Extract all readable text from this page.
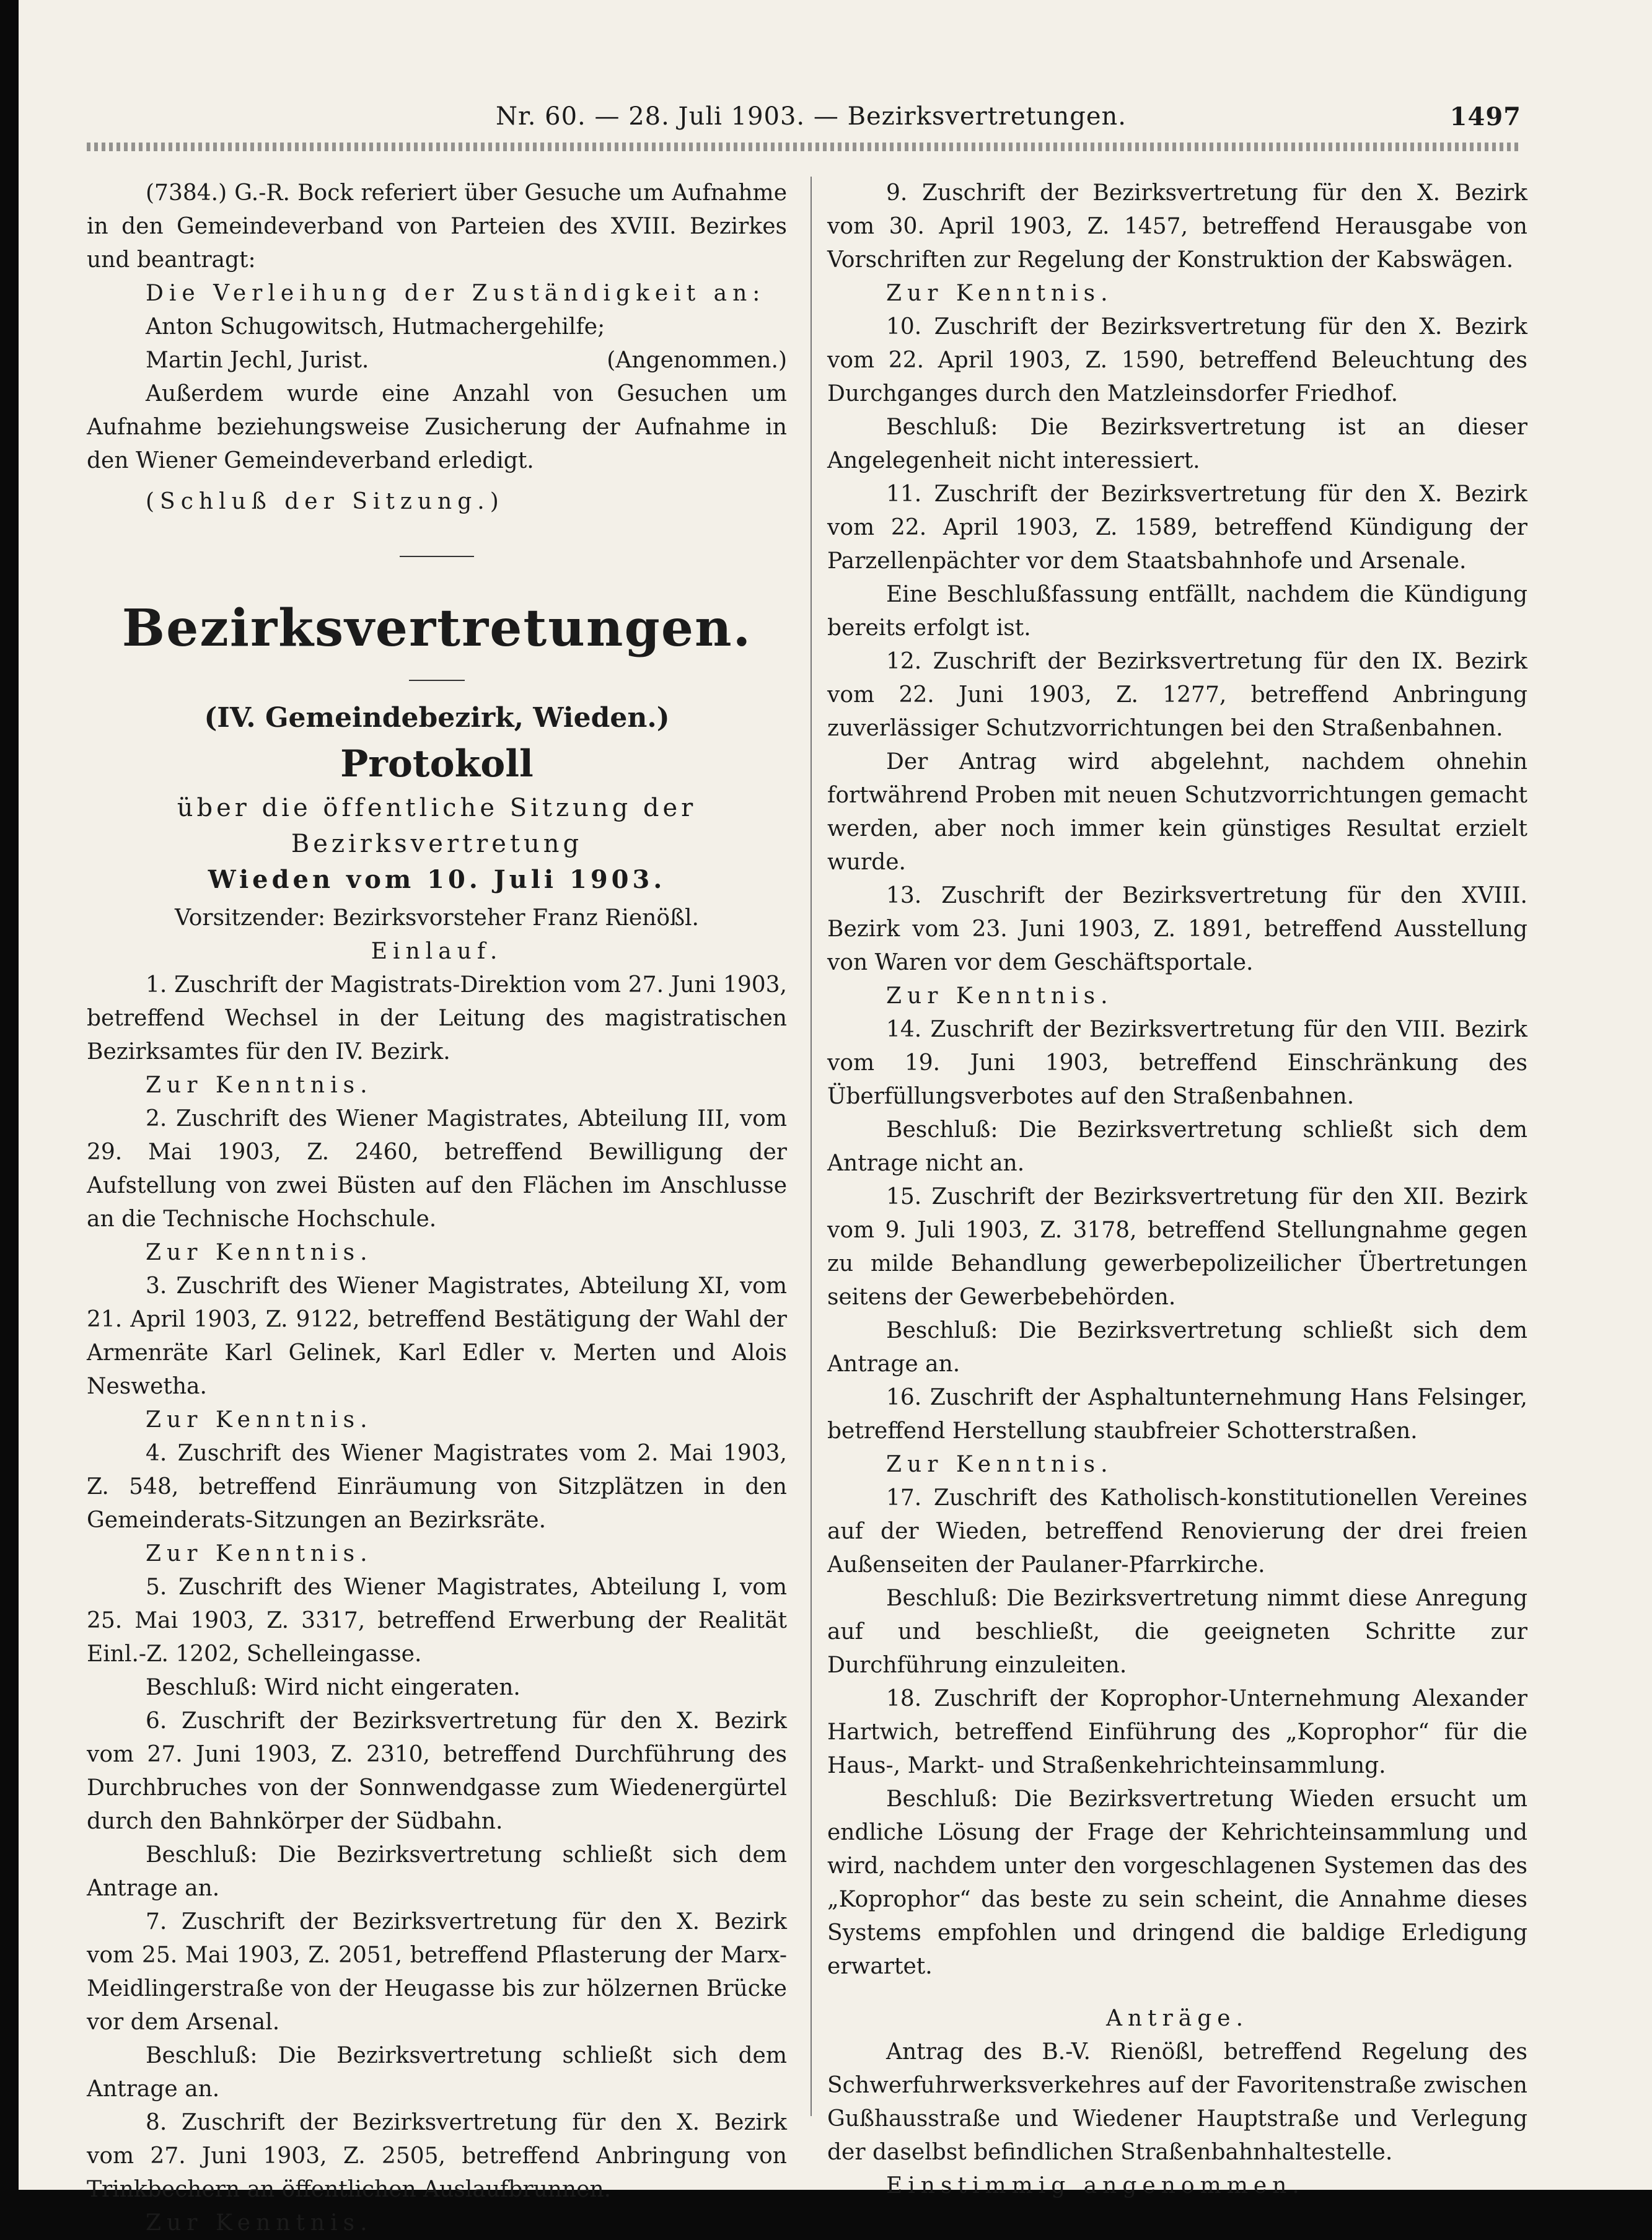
Nr. 60. — 28. Juli 1903. — Bezirksvertretungen.	1497

(7384.) G.-R. Bock referiert über Gesuche um Aufnahme in den Gemeindeverband von Parteien des XVIII. Bezirkes und beantragt:

Die Verleihung der Zuständigkeit an:

Anton Schugowitsch, Hutmachergehilfe;

Martin Jechl, Jurist.	(Angenommen.)

Außerdem wurde eine Anzahl von Gesuchen um Aufnahme beziehungsweise Zusicherung der Aufnahme in den Wiener Gemeindeverband erledigt.

(Schluß der Sitzung.)

Bezirksvertretungen.
(IV. Gemeindebezirk, Wieden.)
Protokoll
über die öffentliche Sitzung der Bezirksvertretung
Wieden vom 10. Juli 1903.

Vorsitzender: Bezirksvorsteher Franz Rienößl.

Einlauf.

1. Zuschrift der Magistrats-Direktion vom 27. Juni 1903, betreffend Wechsel in der Leitung des magistratischen Bezirksamtes für den IV. Bezirk.

Zur Kenntnis.

2. Zuschrift des Wiener Magistrates, Abteilung III, vom 29. Mai 1903, Z. 2460, betreffend Bewilligung der Aufstellung von zwei Büsten auf den Flächen im Anschlusse an die Technische Hochschule.

Zur Kenntnis.

3. Zuschrift des Wiener Magistrates, Abteilung XI, vom 21. April 1903, Z. 9122, betreffend Bestätigung der Wahl der Armenräte Karl Gelinek, Karl Edler v. Merten und Alois Neswetha.

Zur Kenntnis.

4. Zuschrift des Wiener Magistrates vom 2. Mai 1903, Z. 548, betreffend Einräumung von Sitzplätzen in den Gemeinderats-Sitzungen an Bezirksräte.

Zur Kenntnis.

5. Zuschrift des Wiener Magistrates, Abteilung I, vom 25. Mai 1903, Z. 3317, betreffend Erwerbung der Realität Einl.-Z. 1202, Schelleingasse.

Beschluß: Wird nicht eingeraten.

6. Zuschrift der Bezirksvertretung für den X. Bezirk vom 27. Juni 1903, Z. 2310, betreffend Durchführung des Durchbruches von der Sonnwendgasse zum Wiedenergürtel durch den Bahnkörper der Südbahn.

Beschluß: Die Bezirksvertretung schließt sich dem Antrage an.

7. Zuschrift der Bezirksvertretung für den X. Bezirk vom 25. Mai 1903, Z. 2051, betreffend Pflasterung der Marx-Meidlingerstraße von der Heugasse bis zur hölzernen Brücke vor dem Arsenal.

Beschluß: Die Bezirksvertretung schließt sich dem Antrage an.

8. Zuschrift der Bezirksvertretung für den X. Bezirk vom 27. Juni 1903, Z. 2505, betreffend Anbringung von Trinkbechern an öffentlichen Auslaufbrunnen.

Zur Kenntnis.

9. Zuschrift der Bezirksvertretung für den X. Bezirk vom 30. April 1903, Z. 1457, betreffend Herausgabe von Vorschriften zur Regelung der Konstruktion der Kabswägen.

Zur Kenntnis.

10. Zuschrift der Bezirksvertretung für den X. Bezirk vom 22. April 1903, Z. 1590, betreffend Beleuchtung des Durchganges durch den Matzleinsdorfer Friedhof.

Beschluß: Die Bezirksvertretung ist an dieser Angelegenheit nicht interessiert.

11. Zuschrift der Bezirksvertretung für den X. Bezirk vom 22. April 1903, Z. 1589, betreffend Kündigung der Parzellenpächter vor dem Staatsbahnhofe und Arsenale.

Eine Beschlußfassung entfällt, nachdem die Kündigung bereits erfolgt ist.

12. Zuschrift der Bezirksvertretung für den IX. Bezirk vom 22. Juni 1903, Z. 1277, betreffend Anbringung zuverlässiger Schutzvorrichtungen bei den Straßenbahnen.

Der Antrag wird abgelehnt, nachdem ohnehin fortwährend Proben mit neuen Schutzvorrichtungen gemacht werden, aber noch immer kein günstiges Resultat erzielt wurde.

13. Zuschrift der Bezirksvertretung für den XVIII. Bezirk vom 23. Juni 1903, Z. 1891, betreffend Ausstellung von Waren vor dem Geschäftsportale.

Zur Kenntnis.

14. Zuschrift der Bezirksvertretung für den VIII. Bezirk vom 19. Juni 1903, betreffend Einschränkung des Überfüllungsverbotes auf den Straßenbahnen.

Beschluß: Die Bezirksvertretung schließt sich dem Antrage nicht an.

15. Zuschrift der Bezirksvertretung für den XII. Bezirk vom 9. Juli 1903, Z. 3178, betreffend Stellungnahme gegen zu milde Behandlung gewerbepolizeilicher Übertretungen seitens der Gewerbebehörden.

Beschluß: Die Bezirksvertretung schließt sich dem Antrage an.

16. Zuschrift der Asphaltunternehmung Hans Felsinger, betreffend Herstellung staubfreier Schotterstraßen.

Zur Kenntnis.

17. Zuschrift des Katholisch-konstitutionellen Vereines auf der Wieden, betreffend Renovierung der drei freien Außenseiten der Paulaner-Pfarrkirche.

Beschluß: Die Bezirksvertretung nimmt diese Anregung auf und beschließt, die geeigneten Schritte zur Durchführung einzuleiten.

18. Zuschrift der Koprophor-Unternehmung Alexander Hartwich, betreffend Einführung des „Koprophor“ für die Haus-, Markt- und Straßenkehrichteinsammlung.

Beschluß: Die Bezirksvertretung Wieden ersucht um endliche Lösung der Frage der Kehrichteinsammlung und wird, nachdem unter den vorgeschlagenen Systemen das des „Koprophor“ das beste zu sein scheint, die Annahme dieses Systems empfohlen und dringend die baldige Erledigung erwartet.

Anträge.

Antrag des B.-V. Rienößl, betreffend Regelung des Schwerfuhrwerksverkehres auf der Favoritenstraße zwischen Gußhausstraße und Wiedener Hauptstraße und Verlegung der daselbst befindlichen Straßenbahnhaltestelle.

Einstimmig angenommen.
